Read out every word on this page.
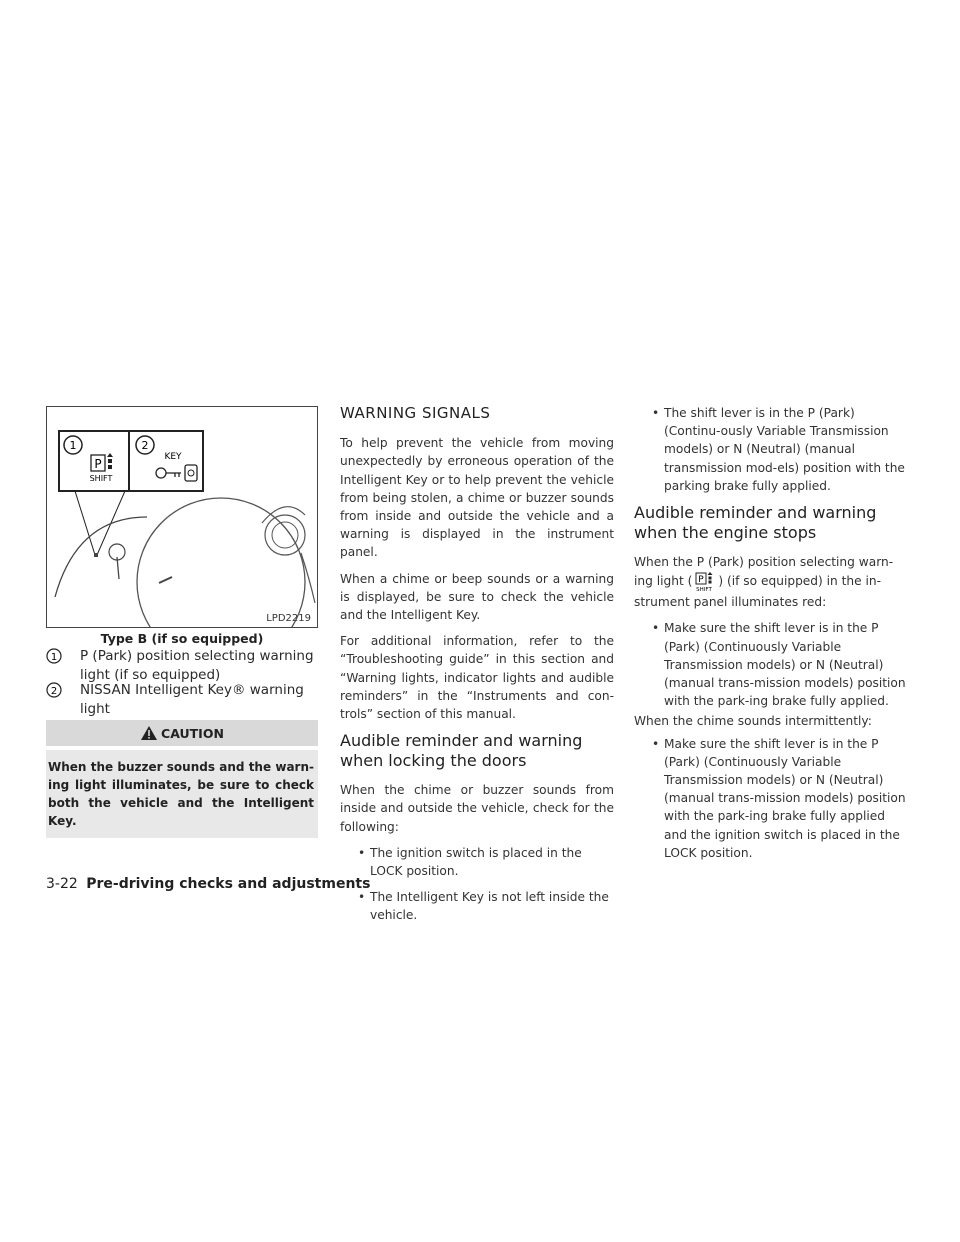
1	2
P
SHIFT
KEY
LPD2219
Type B (if so equipped)
1 P (Park) position selecting warning light (if so equipped)
2 NISSAN Intelligent Key® warning light
CAUTION
When the buzzer sounds and the warn-ing light illuminates, be sure to check both the vehicle and the Intelligent Key.
WARNING SIGNALS

To help prevent the vehicle from moving unexpectedly by erroneous operation of the Intelligent Key or to help prevent the vehicle from being stolen, a chime or buzzer sounds from inside and outside the vehicle and a warning is displayed in the instrument panel.

When a chime or beep sounds or a warning is displayed, be sure to check the vehicle and the Intelligent Key.

For additional information, refer to the “Troubleshooting guide” in this section and “Warning lights, indicator lights and audible reminders” in the “Instruments and con-trols” section of this manual.

Audible reminder and warning when locking the doors

When the chime or buzzer sounds from inside and outside the vehicle, check for the following:

• The ignition switch is placed in the LOCK position.
• The Intelligent Key is not left inside the vehicle.
• The shift lever is in the P (Park) (Continu-ously Variable Transmission models) or N (Neutral) (manual transmission mod-els) position with the parking brake fully applied.
Audible reminder and warning when the engine stops

When the P (Park) position selecting warn-ing light ( P
SHIFT
) (if so equipped) in the in-strument panel illuminates red:

• Make sure the shift lever is in the P (Park) (Continuously Variable Transmission models) or N (Neutral) (manual trans-mission models) position with the park-ing brake fully applied.

When the chime sounds intermittently:

• Make sure the shift lever is in the P (Park) (Continuously Variable Transmission models) or N (Neutral) (manual trans-mission models) position with the park-ing brake fully applied and the ignition switch is placed in the LOCK position.
3-22 Pre-driving checks and adjustments
